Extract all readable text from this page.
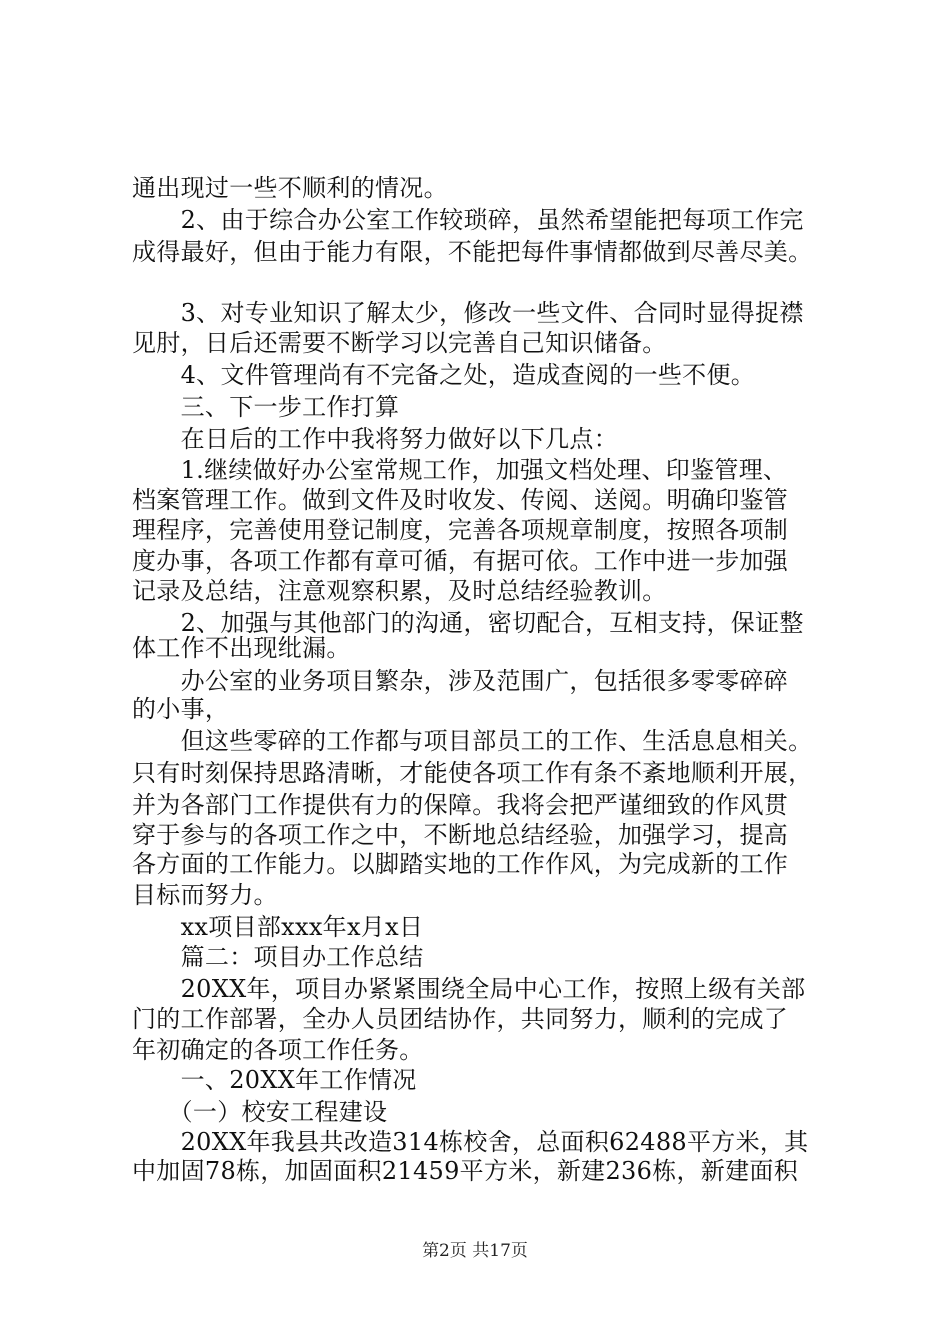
通出现过一些不顺利的情况。
　　2、由于综合办公室工作较琐碎，虽然希望能把每项工作完
成得最好，但由于能力有限，不能把每件事情都做到尽善尽美。
　　3、对专业知识了解太少，修改一些文件、合同时显得捉襟
见肘，日后还需要不断学习以完善自己知识储备。
　　4、文件管理尚有不完备之处，造成查阅的一些不便。
　　三、下一步工作打算
　　在日后的工作中我将努力做好以下几点：
　　1.继续做好办公室常规工作，加强文档处理、印鉴管理、
档案管理工作。做到文件及时收发、传阅、送阅。明确印鉴管
理程序，完善使用登记制度，完善各项规章制度，按照各项制
度办事，各项工作都有章可循，有据可依。工作中进一步加强
记录及总结，注意观察积累，及时总结经验教训。
　　2、加强与其他部门的沟通，密切配合，互相支持，保证整
体工作不出现纰漏。
　　办公室的业务项目繁杂，涉及范围广，包括很多零零碎碎
的小事，
　　但这些零碎的工作都与项目部员工的工作、生活息息相关。
只有时刻保持思路清晰，才能使各项工作有条不紊地顺利开展，
并为各部门工作提供有力的保障。我将会把严谨细致的作风贯
穿于参与的各项工作之中，不断地总结经验，加强学习，提高
各方面的工作能力。以脚踏实地的工作作风，为完成新的工作
目标而努力。
　　xx项目部xxx年x月x日
　　篇二：项目办工作总结
　　20XX年，项目办紧紧围绕全局中心工作，按照上级有关部
门的工作部署，全办人员团结协作，共同努力，顺利的完成了
年初确定的各项工作任务。
　　一、20XX年工作情况
　　（一）校安工程建设
　　20XX年我县共改造314栋校舍，总面积62488平方米，其
中加固78栋，加固面积21459平方米，新建236栋，新建面积
第2页 共17页
